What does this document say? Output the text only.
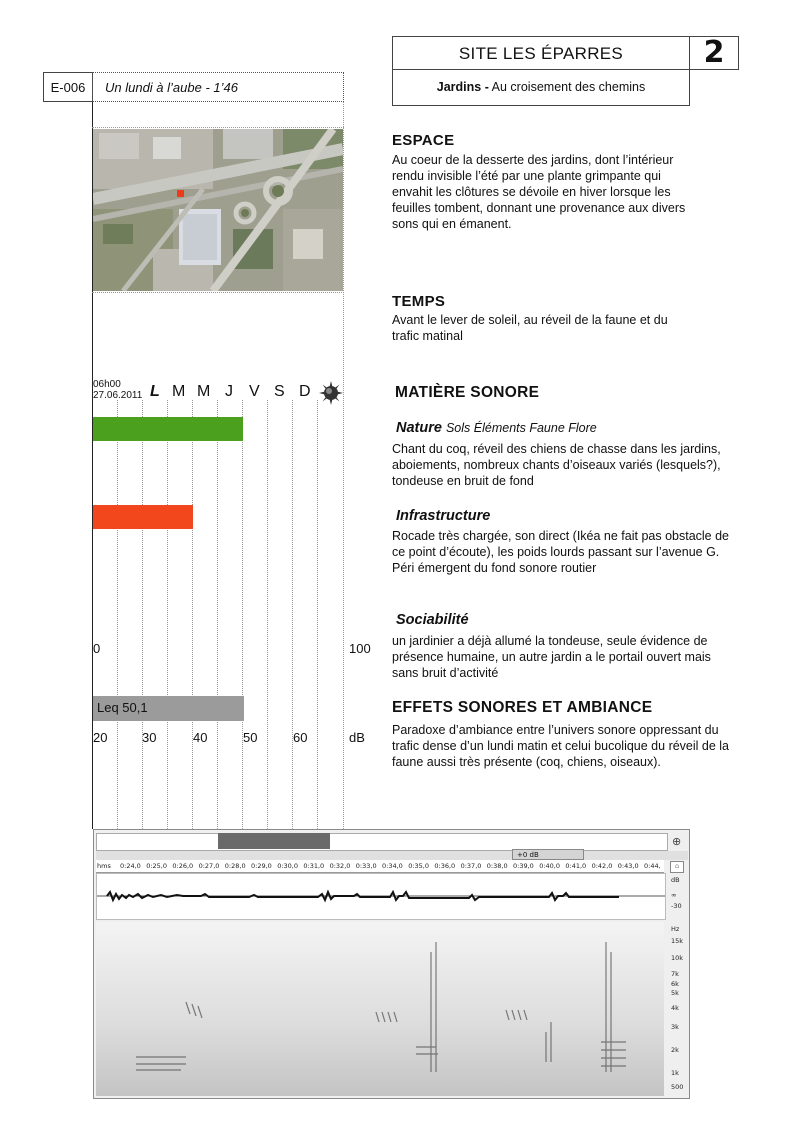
SITE LES ÉPARRES	2
Jardins - Au croisement des chemins
E-006	Un lundi à l’aube - 1’46
06h00
27.06.2011 L M M J V S D
0	100
Leq 50,1
20	30	40	50	60	dB
ESPACE
Au coeur de la desserte des jardins, dont l’intérieur rendu invisible l’été par une plante grimpante qui envahit les clôtures se dévoile en hiver lorsque les feuilles tombent, donnant une provenance aux divers sons qui en émanent.
TEMPS
Avant le lever de soleil, au réveil de la faune et du trafic matinal
MATIÈRE SONORE
Nature Sols Éléments Faune Flore
Chant du coq, réveil des chiens de chasse dans les jardins, aboiements, nombreux chants d’oiseaux variés (lesquels?), tondeuse en bruit de fond
Infrastructure
Rocade très chargée, son direct (Ikéa ne fait pas obstacle de ce point d’écoute), les poids lourds passant sur l’avenue G. Péri émergent du fond sonore routier
Sociabilité
un jardinier a déjà allumé la tondeuse, seule évidence de présence humaine, un autre jardin a le portail ouvert mais sans bruit d’activité
EFFETS SONORES ET AMBIANCE
Paradoxe d’ambiance entre l’univers sonore oppressant du trafic dense d’un lundi matin et celui bucolique du réveil de la faune aussi très présente (coq, chiens, oiseaux).
⊕
+0 dB
hms 0:24,0 0:25,0 0:26,0 0:27,0 0:28,0 0:29,0 0:30,0 0:31,0 0:32,0 0:33,0 0:34,0 0:35,0 0:36,0 0:37,0 0:38,0 0:39,0 0:40,0 0:41,0 0:42,0 0:43,0 0:44,	⌂
dB
∞
-30
Hz
15k
10k
7k
6k
5k
4k
3k
2k
1k
500
